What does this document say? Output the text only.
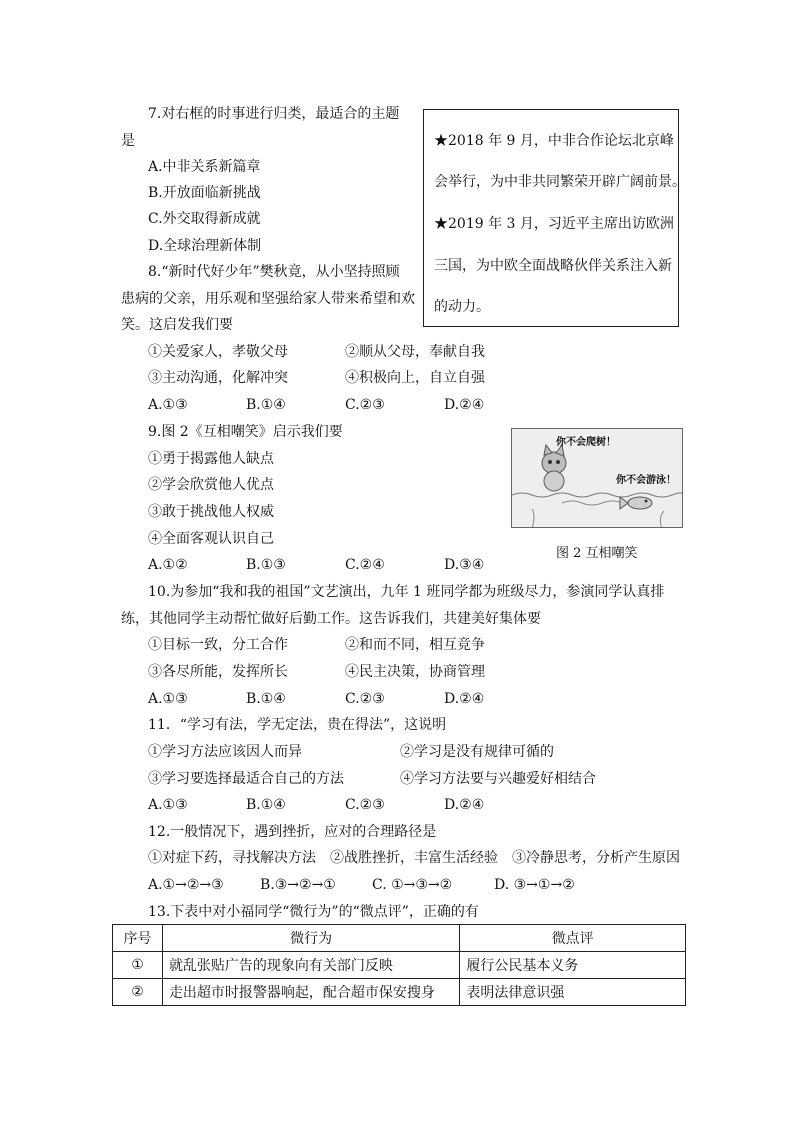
7.对右框的时事进行归类，最适合的主题
是
A.中非关系新篇章
B.开放面临新挑战
C.外交取得新成就
D.全球治理新体制
★2018 年 9 月，中非合作论坛北京峰
会举行，为中非共同繁荣开辟广阔前景。
★2019 年 3 月，习近平主席出访欧洲
三国，为中欧全面战略伙伴关系注入新
的动力。
8.“新时代好少年”樊秋竟，从小坚持照顾
患病的父亲，用乐观和坚强给家人带来希望和欢
笑。这启发我们要
①关爱家人，孝敬父母	②顺从父母，奉献自我
③主动沟通，化解冲突	④积极向上，自立自强
A.①③	B.①④	C.②③	D.②④
9.图 2《互相嘲笑》启示我们要
①勇于揭露他人缺点
②学会欣赏他人优点
③敢于挑战他人权威
④全面客观认识自己
A.①②	B.①③	C.②④	D.③④
你不会爬树！
你不会游泳！
图 2 互相嘲笑
10.为参加“我和我的祖国”文艺演出，九年 1 班同学都为班级尽力，参演同学认真排
练，其他同学主动帮忙做好后勤工作。这告诉我们，共建美好集体要
①目标一致，分工合作	②和而不同，相互竞争
③各尽所能，发挥所长	④民主决策，协商管理
A.①③	B.①④	C.②③	D.②④
11．“学习有法，学无定法，贵在得法”，这说明
①学习方法应该因人而异	②学习是没有规律可循的
③学习要选择最适合自己的方法	④学习方法要与兴趣爱好相结合
A.①③	B.①④	C.②③	D.②④
12.一般情况下，遇到挫折，应对的合理路径是
①对症下药，寻找解决方法　②战胜挫折，丰富生活经验　③冷静思考，分析产生原因
A.①→②→③	B.③→②→①	C. ①→③→②	D. ③→①→②
13.下表中对小福同学“微行为”的“微点评”，正确的有
序号	微行为	微点评
①	就乱张贴广告的现象向有关部门反映	履行公民基本义务
②	走出超市时报警器响起，配合超市保安搜身	表明法律意识强
